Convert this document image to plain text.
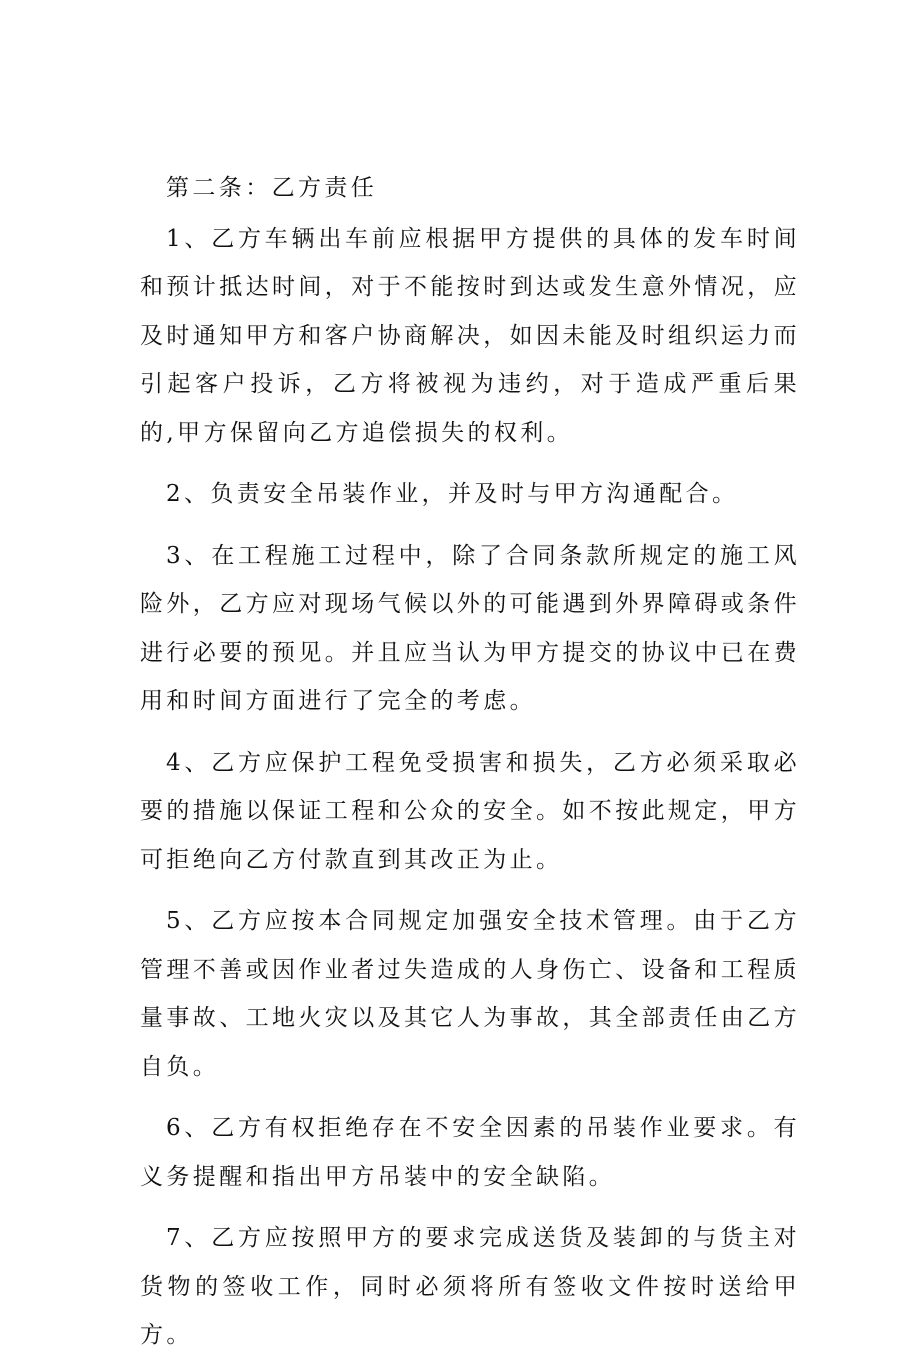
第二条：乙方责任

1、乙方车辆出车前应根据甲方提供的具体的发车时间和预计抵达时间，对于不能按时到达或发生意外情况，应及时通知甲方和客户协商解决，如因未能及时组织运力而引起客户投诉，乙方将被视为违约，对于造成严重后果的,甲方保留向乙方追偿损失的权利。

2、负责安全吊装作业，并及时与甲方沟通配合。

3、在工程施工过程中，除了合同条款所规定的施工风险外，乙方应对现场气候以外的可能遇到外界障碍或条件进行必要的预见。并且应当认为甲方提交的协议中已在费用和时间方面进行了完全的考虑。

4、乙方应保护工程免受损害和损失，乙方必须采取必要的措施以保证工程和公众的安全。如不按此规定，甲方可拒绝向乙方付款直到其改正为止。

5、乙方应按本合同规定加强安全技术管理。由于乙方管理不善或因作业者过失造成的人身伤亡、设备和工程质量事故、工地火灾以及其它人为事故，其全部责任由乙方自负。

6、乙方有权拒绝存在不安全因素的吊装作业要求。有义务提醒和指出甲方吊装中的安全缺陷。

7、乙方应按照甲方的要求完成送货及装卸的与货主对货物的签收工作，同时必须将所有签收文件按时送给甲方。
